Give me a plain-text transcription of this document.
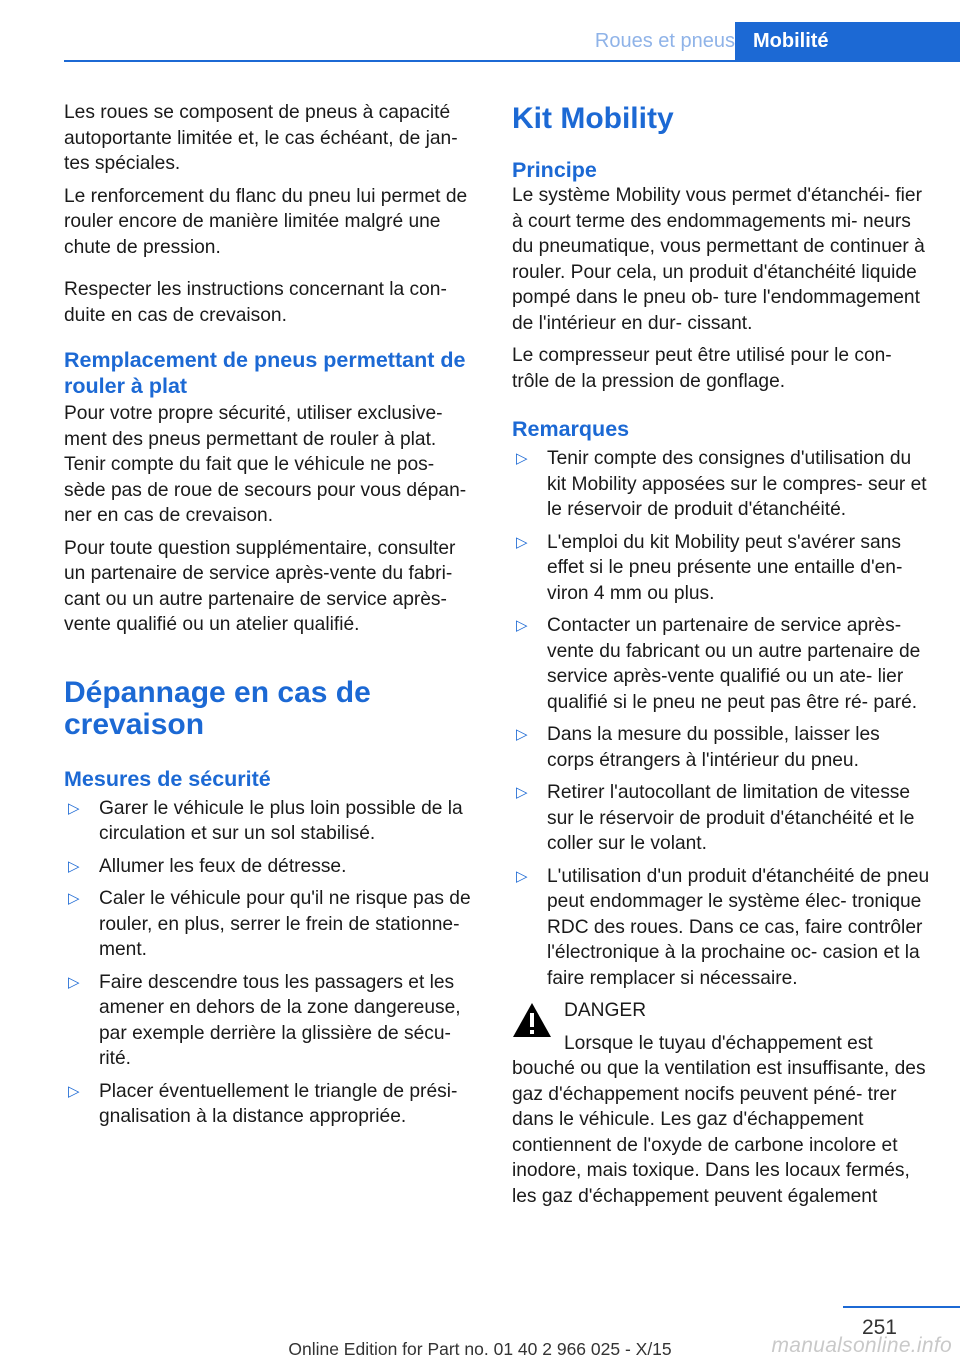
Roues et pneus Mobilité

Les roues se composent de pneus à capacité autoportante limitée et, le cas échéant, de jan‐ tes spéciales.

Le renforcement du flanc du pneu lui permet de rouler encore de manière limitée malgré une chute de pression.

Respecter les instructions concernant la con‐ duite en cas de crevaison.

Remplacement de pneus permettant de rouler à plat

Pour votre propre sécurité, utiliser exclusive‐ ment des pneus permettant de rouler à plat. Tenir compte du fait que le véhicule ne pos‐ sède pas de roue de secours pour vous dépan‐ ner en cas de crevaison.

Pour toute question supplémentaire, consulter un partenaire de service après-vente du fabri‐ cant ou un autre partenaire de service après- vente qualifié ou un atelier qualifié.

Dépannage en cas de crevaison
Mesures de sécurité
▷ Garer le véhicule le plus loin possible de la circulation et sur un sol stabilisé.
▷ Allumer les feux de détresse.
▷ Caler le véhicule pour qu'il ne risque pas de rouler, en plus, serrer le frein de stationne‐ ment.
▷ Faire descendre tous les passagers et les amener en dehors de la zone dangereuse, par exemple derrière la glissière de sécu‐ rité.
▷ Placer éventuellement le triangle de prési‐ gnalisation à la distance appropriée.
Kit Mobility
Principe

Le système Mobility vous permet d'étanchéi‐ fier à court terme des endommagements mi‐ neurs du pneumatique, vous permettant de continuer à rouler. Pour cela, un produit d'étanchéité liquide pompé dans le pneu ob‐ ture l'endommagement de l'intérieur en dur‐ cissant.

Le compresseur peut être utilisé pour le con‐ trôle de la pression de gonflage.

Remarques
▷ Tenir compte des consignes d'utilisation du kit Mobility apposées sur le compres‐ seur et le réservoir de produit d'étanchéité.
▷ L'emploi du kit Mobility peut s'avérer sans effet si le pneu présente une entaille d'en‐ viron 4 mm ou plus.
▷ Contacter un partenaire de service après- vente du fabricant ou un autre partenaire de service après-vente qualifié ou un ate‐ lier qualifié si le pneu ne peut pas être ré‐ paré.
▷ Dans la mesure du possible, laisser les corps étrangers à l'intérieur du pneu.
▷ Retirer l'autocollant de limitation de vitesse sur le réservoir de produit d'étanchéité et le coller sur le volant.
▷ L'utilisation d'un produit d'étanchéité de pneu peut endommager le système élec‐ tronique RDC des roues. Dans ce cas, faire contrôler l'électronique à la prochaine oc‐ casion et la faire remplacer si nécessaire.
DANGER
Lorsque le tuyau d'échappement est

bouché ou que la ventilation est insuffisante, des gaz d'échappement nocifs peuvent péné‐ trer dans le véhicule. Les gaz d'échappement contiennent de l'oxyde de carbone incolore et inodore, mais toxique. Dans les locaux fermés, les gaz d'échappement peuvent également

251
Online Edition for Part no. 01 40 2 966 025 - X/15	manualsonline.info
